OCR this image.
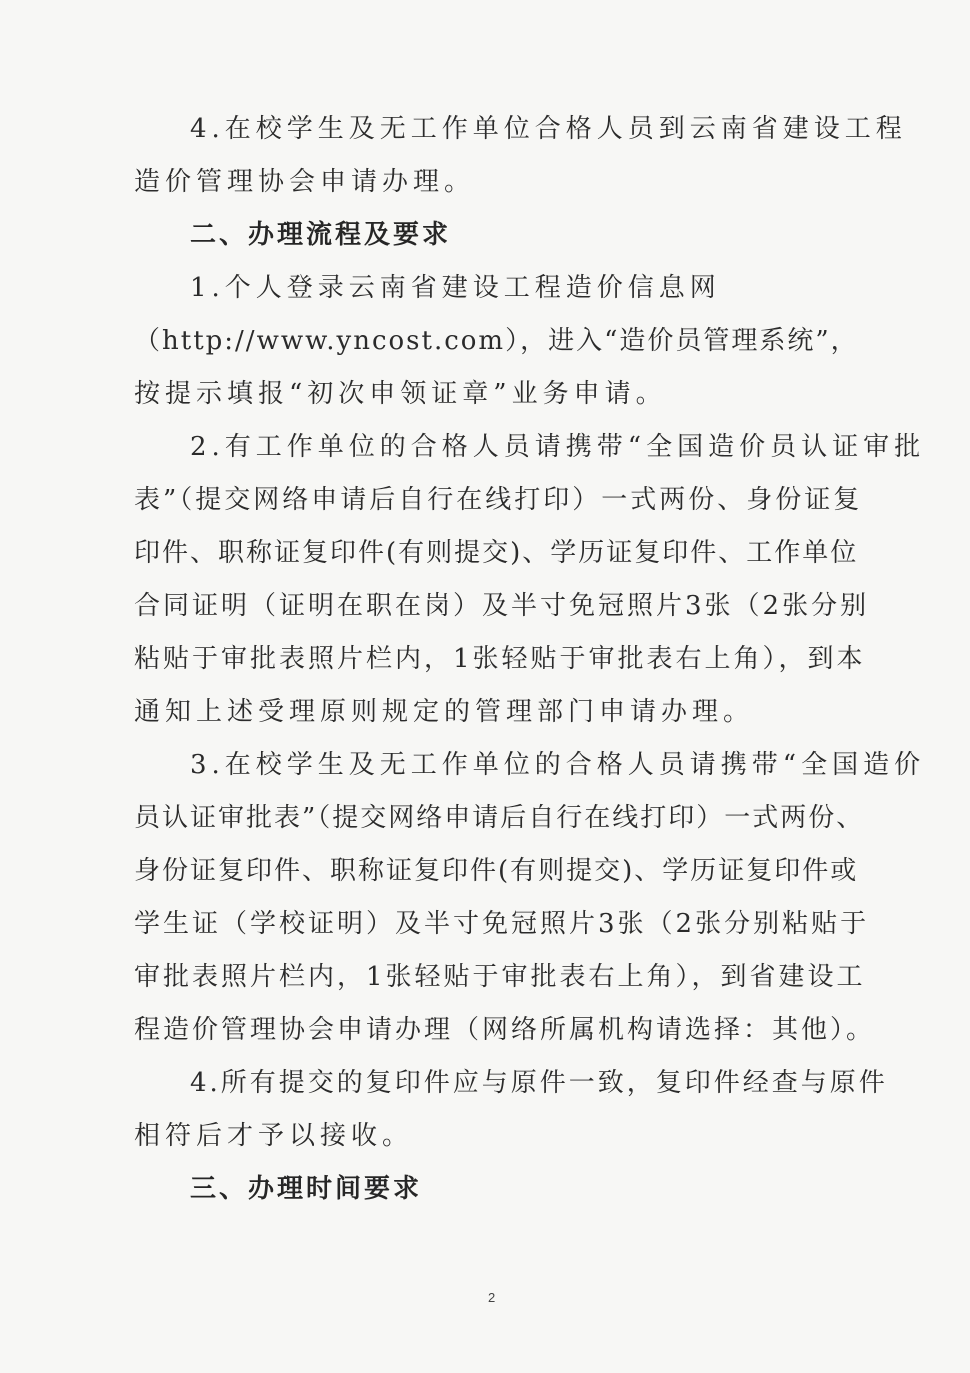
4.在校学生及无工作单位合格人员到云南省建设工程
造价管理协会申请办理。
二、办理流程及要求
1.个人登录云南省建设工程造价信息网
（http://www.yncost.com），进入“造价员管理系统”，
按提示填报“初次申领证章”业务申请。
2.有工作单位的合格人员请携带“全国造价员认证审批
表”（提交网络申请后自行在线打印）一式两份、身份证复
印件、职称证复印件(有则提交)、学历证复印件、工作单位
合同证明（证明在职在岗）及半寸免冠照片3张（2张分别
粘贴于审批表照片栏内，1张轻贴于审批表右上角），到本
通知上述受理原则规定的管理部门申请办理。
3.在校学生及无工作单位的合格人员请携带“全国造价
员认证审批表”（提交网络申请后自行在线打印）一式两份、
身份证复印件、职称证复印件(有则提交)、学历证复印件或
学生证（学校证明）及半寸免冠照片3张（2张分别粘贴于
审批表照片栏内，1张轻贴于审批表右上角），到省建设工
程造价管理协会申请办理（网络所属机构请选择：其他）。
4.所有提交的复印件应与原件一致，复印件经查与原件
相符后才予以接收。
三、办理时间要求
2
